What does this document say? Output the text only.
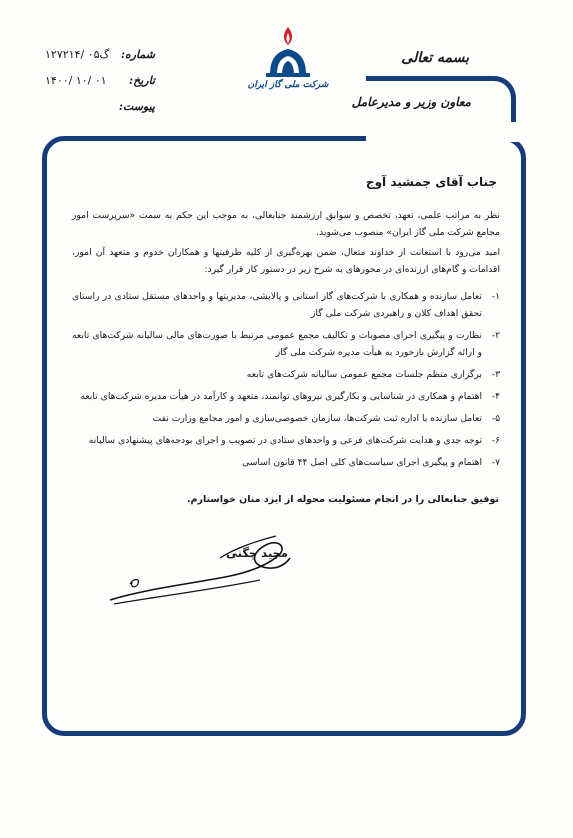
شماره:
۱۲۷۲۱۴/ گ‌۰۵
تاریخ:
۱۴۰۰/ ۱۰/ ۰۱
پیوست:
شرکت ملی گاز ایران
بسمه تعالی
معاون وزیر و مدیرعامل
جناب آقای جمشید آوج
نظر به مراتب علمی، تعهد، تخصص و سوابق ارزشمند جنابعالی، به موجب این حکم به سمت «سرپرست امور مجامع شرکت ملی گاز ایران» منصوب می‌شوید.
امید می‌رود با استعانت از خداوند متعال، ضمن بهره‌گیری از کلیه ظرفیتها و همکاران خدوم و متعهد آن امور، اقدامات و گام‌های ارزنده‌ای در محورهای به شرح زیر در دستور کار قرار گیرد:
۱-
تعامل سازنده و همکاری با شرکت‌های گاز استانی و پالایشی، مدیریتها و واحدهای مستقل ستادی در راستای تحقق اهداف کلان و راهبردی شرکت ملی گاز
۲-
نظارت و پیگیری اجرای مصوبات و تکالیف مجمع عمومی مرتبط با صورت‌های مالی سالیانه شرکت‌های تابعه و ارائه گزارش بازخورد به هیأت مدیره شرکت ملی گاز
۳-
برگزاری منظم جلسات مجمع عمومی سالیانه شرکت‌های تابعه
۴-
اهتمام و همکاری در شناسایی و بکارگیری نیروهای توانمند، متعهد و کارآمد در هیأت مدیره شرکت‌های تابعه
۵-
تعامل سازنده با اداره ثبت شرکت‌ها، سازمان خصوصی‌سازی و امور مجامع وزارت نفت
۶-
توجه جدی و هدایت شرکت‌های فرعی و واحدهای ستادی در تصویب و اجرای بودجه‌های پیشنهادی سالیانه
۷-
اهتمام و پیگیری اجرای سیاست‌های کلی اصل ۴۴ قانون اساسی
توفیق جنابعالی را در انجام مسئولیت محوله از ایزد منان خواستارم.
مجید چگنی
